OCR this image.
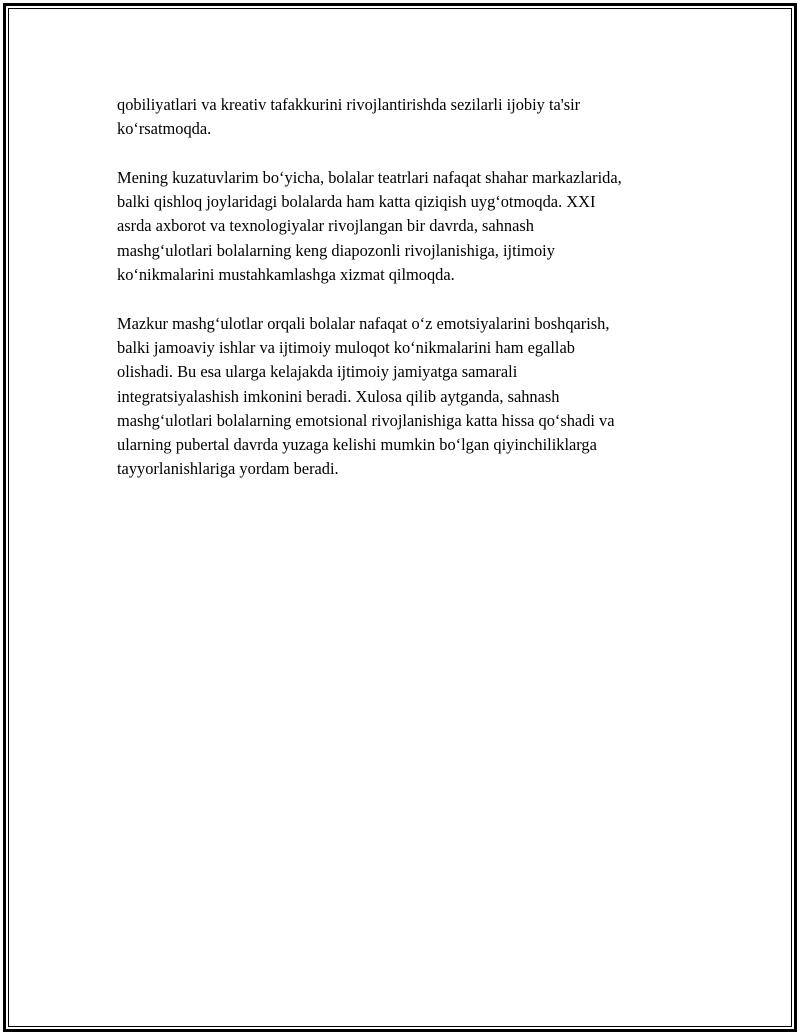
qobiliyatlari va kreativ tafakkurini rivojlantirishda sezilarli ijobiy ta'sir
koʻrsatmoqda.

Mening kuzatuvlarim boʻyicha, bolalar teatrlari nafaqat shahar markazlarida,
balki qishloq joylaridagi bolalarda ham katta qiziqish uygʻotmoqda. XXI
asrda axborot va texnologiyalar rivojlangan bir davrda, sahnash
mashgʻulotlari bolalarning keng diapozonli rivojlanishiga, ijtimoiy
koʻnikmalarini mustahkamlashga xizmat qilmoqda.

Mazkur mashgʻulotlar orqali bolalar nafaqat oʻz emotsiyalarini boshqarish,
balki jamoaviy ishlar va ijtimoiy muloqot koʻnikmalarini ham egallab
olishadi. Bu esa ularga kelajakda ijtimoiy jamiyatga samarali
integratsiyalashish imkonini beradi. Xulosa qilib aytganda, sahnash
mashgʻulotlari bolalarning emotsional rivojlanishiga katta hissa qoʻshadi va
ularning pubertal davrda yuzaga kelishi mumkin boʻlgan qiyinchiliklarga
tayyorlanishlariga yordam beradi.
